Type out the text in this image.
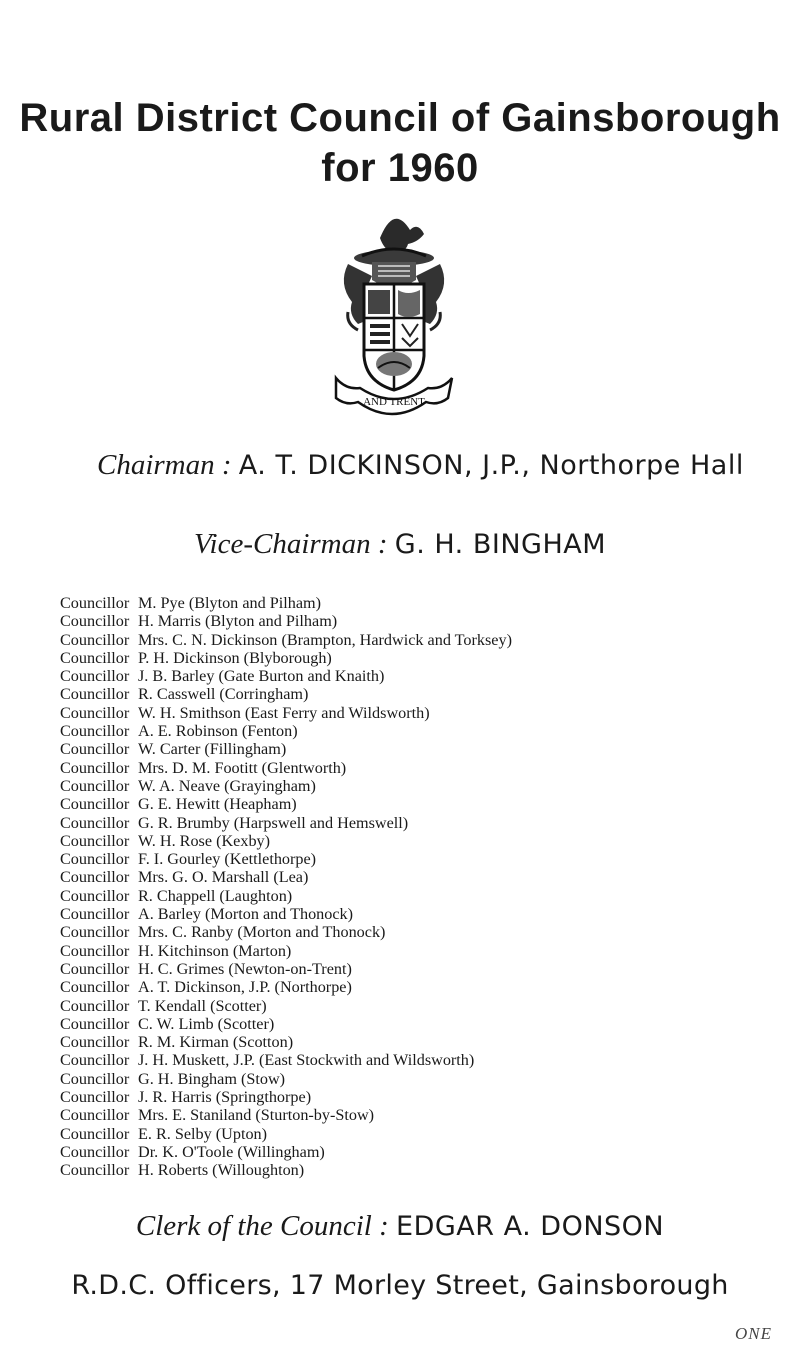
Rural District Council of Gainsborough
for 1960
AND TRENT
Chairman : A. T. DICKINSON, J.P., Northorpe Hall
Vice-Chairman : G. H. BINGHAM
Councillor M. Pye (Blyton and Pilham)
Councillor H. Marris (Blyton and Pilham)
Councillor Mrs. C. N. Dickinson (Brampton, Hardwick and Torksey)
Councillor P. H. Dickinson (Blyborough)
Councillor J. B. Barley (Gate Burton and Knaith)
Councillor R. Casswell (Corringham)
Councillor W. H. Smithson (East Ferry and Wildsworth)
Councillor A. E. Robinson (Fenton)
Councillor W. Carter (Fillingham)
Councillor Mrs. D. M. Footitt (Glentworth)
Councillor W. A. Neave (Grayingham)
Councillor G. E. Hewitt (Heapham)
Councillor G. R. Brumby (Harpswell and Hemswell)
Councillor W. H. Rose (Kexby)
Councillor F. I. Gourley (Kettlethorpe)
Councillor Mrs. G. O. Marshall (Lea)
Councillor R. Chappell (Laughton)
Councillor A. Barley (Morton and Thonock)
Councillor Mrs. C. Ranby (Morton and Thonock)
Councillor H. Kitchinson (Marton)
Councillor H. C. Grimes (Newton-on-Trent)
Councillor A. T. Dickinson, J.P. (Northorpe)
Councillor T. Kendall (Scotter)
Councillor C. W. Limb (Scotter)
Councillor R. M. Kirman (Scotton)
Councillor J. H. Muskett, J.P. (East Stockwith and Wildsworth)
Councillor G. H. Bingham (Stow)
Councillor J. R. Harris (Springthorpe)
Councillor Mrs. E. Staniland (Sturton-by-Stow)
Councillor E. R. Selby (Upton)
Councillor Dr. K. O'Toole (Willingham)
Councillor H. Roberts (Willoughton)
Clerk of the Council : EDGAR A. DONSON
R.D.C. Officers, 17 Morley Street, Gainsborough
ONE
